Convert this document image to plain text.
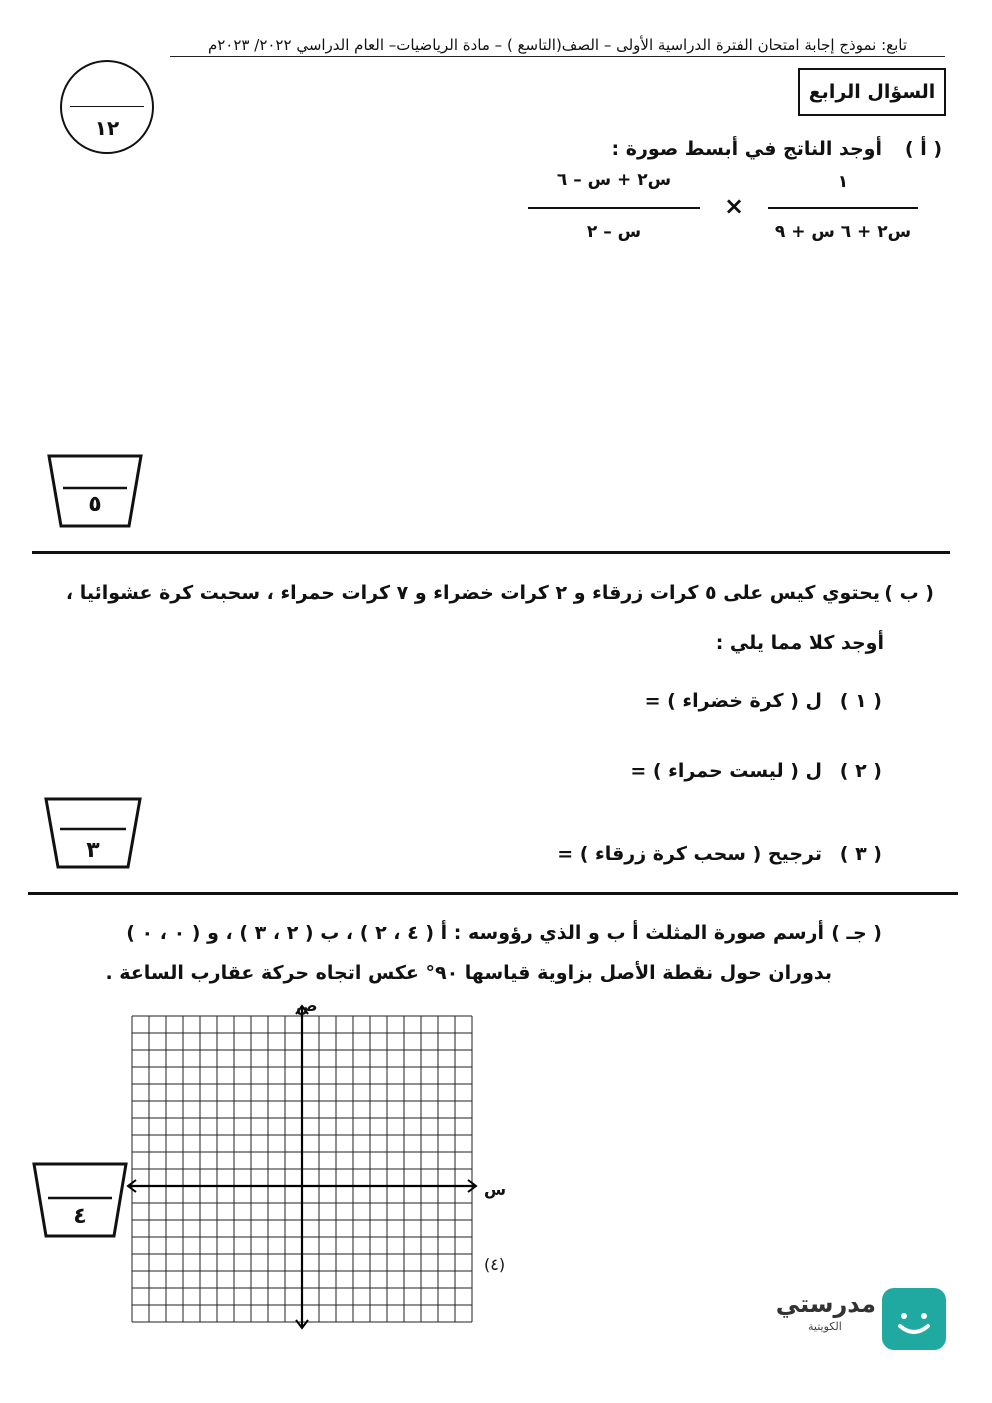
تابع: نموذج إجابة امتحان الفترة الدراسية الأولى – الصف(التاسع ) – مادة الرياضيات– العام الدراسي ٢٠٢٢/ ٢٠٢٣م
السؤال الرابع
١٢
( أ )
أوجد الناتج في أبسط صورة :
١
س٢ + ٦ س + ٩
×
س٢ + س – ٦
س – ٢
٥
( ب )
يحتوي كيس على ٥ كرات زرقاء و ٢ كرات خضراء و ٧ كرات حمراء ، سحبت كرة عشوائيا ،
أوجد كلا مما يلي :
( ١ )
ل ( كرة خضراء ) =
( ٢ )
ل ( ليست حمراء ) =
( ٣ )
ترجيح ( سحب كرة زرقاء ) =
٣
( جـ )
أرسم صورة المثلث أ ب و الذي رؤوسه : أ ( ٤ ، ٢ ) ، ب ( ٢ ، ٣ ) ، و ( ٠ ، ٠ )
بدوران حول نقطة الأصل بزاوية قياسها ٩٠° عكس اتجاه حركة عقارب الساعة .
ص
س
(٤)
٤
مدرستي
الكويتية
